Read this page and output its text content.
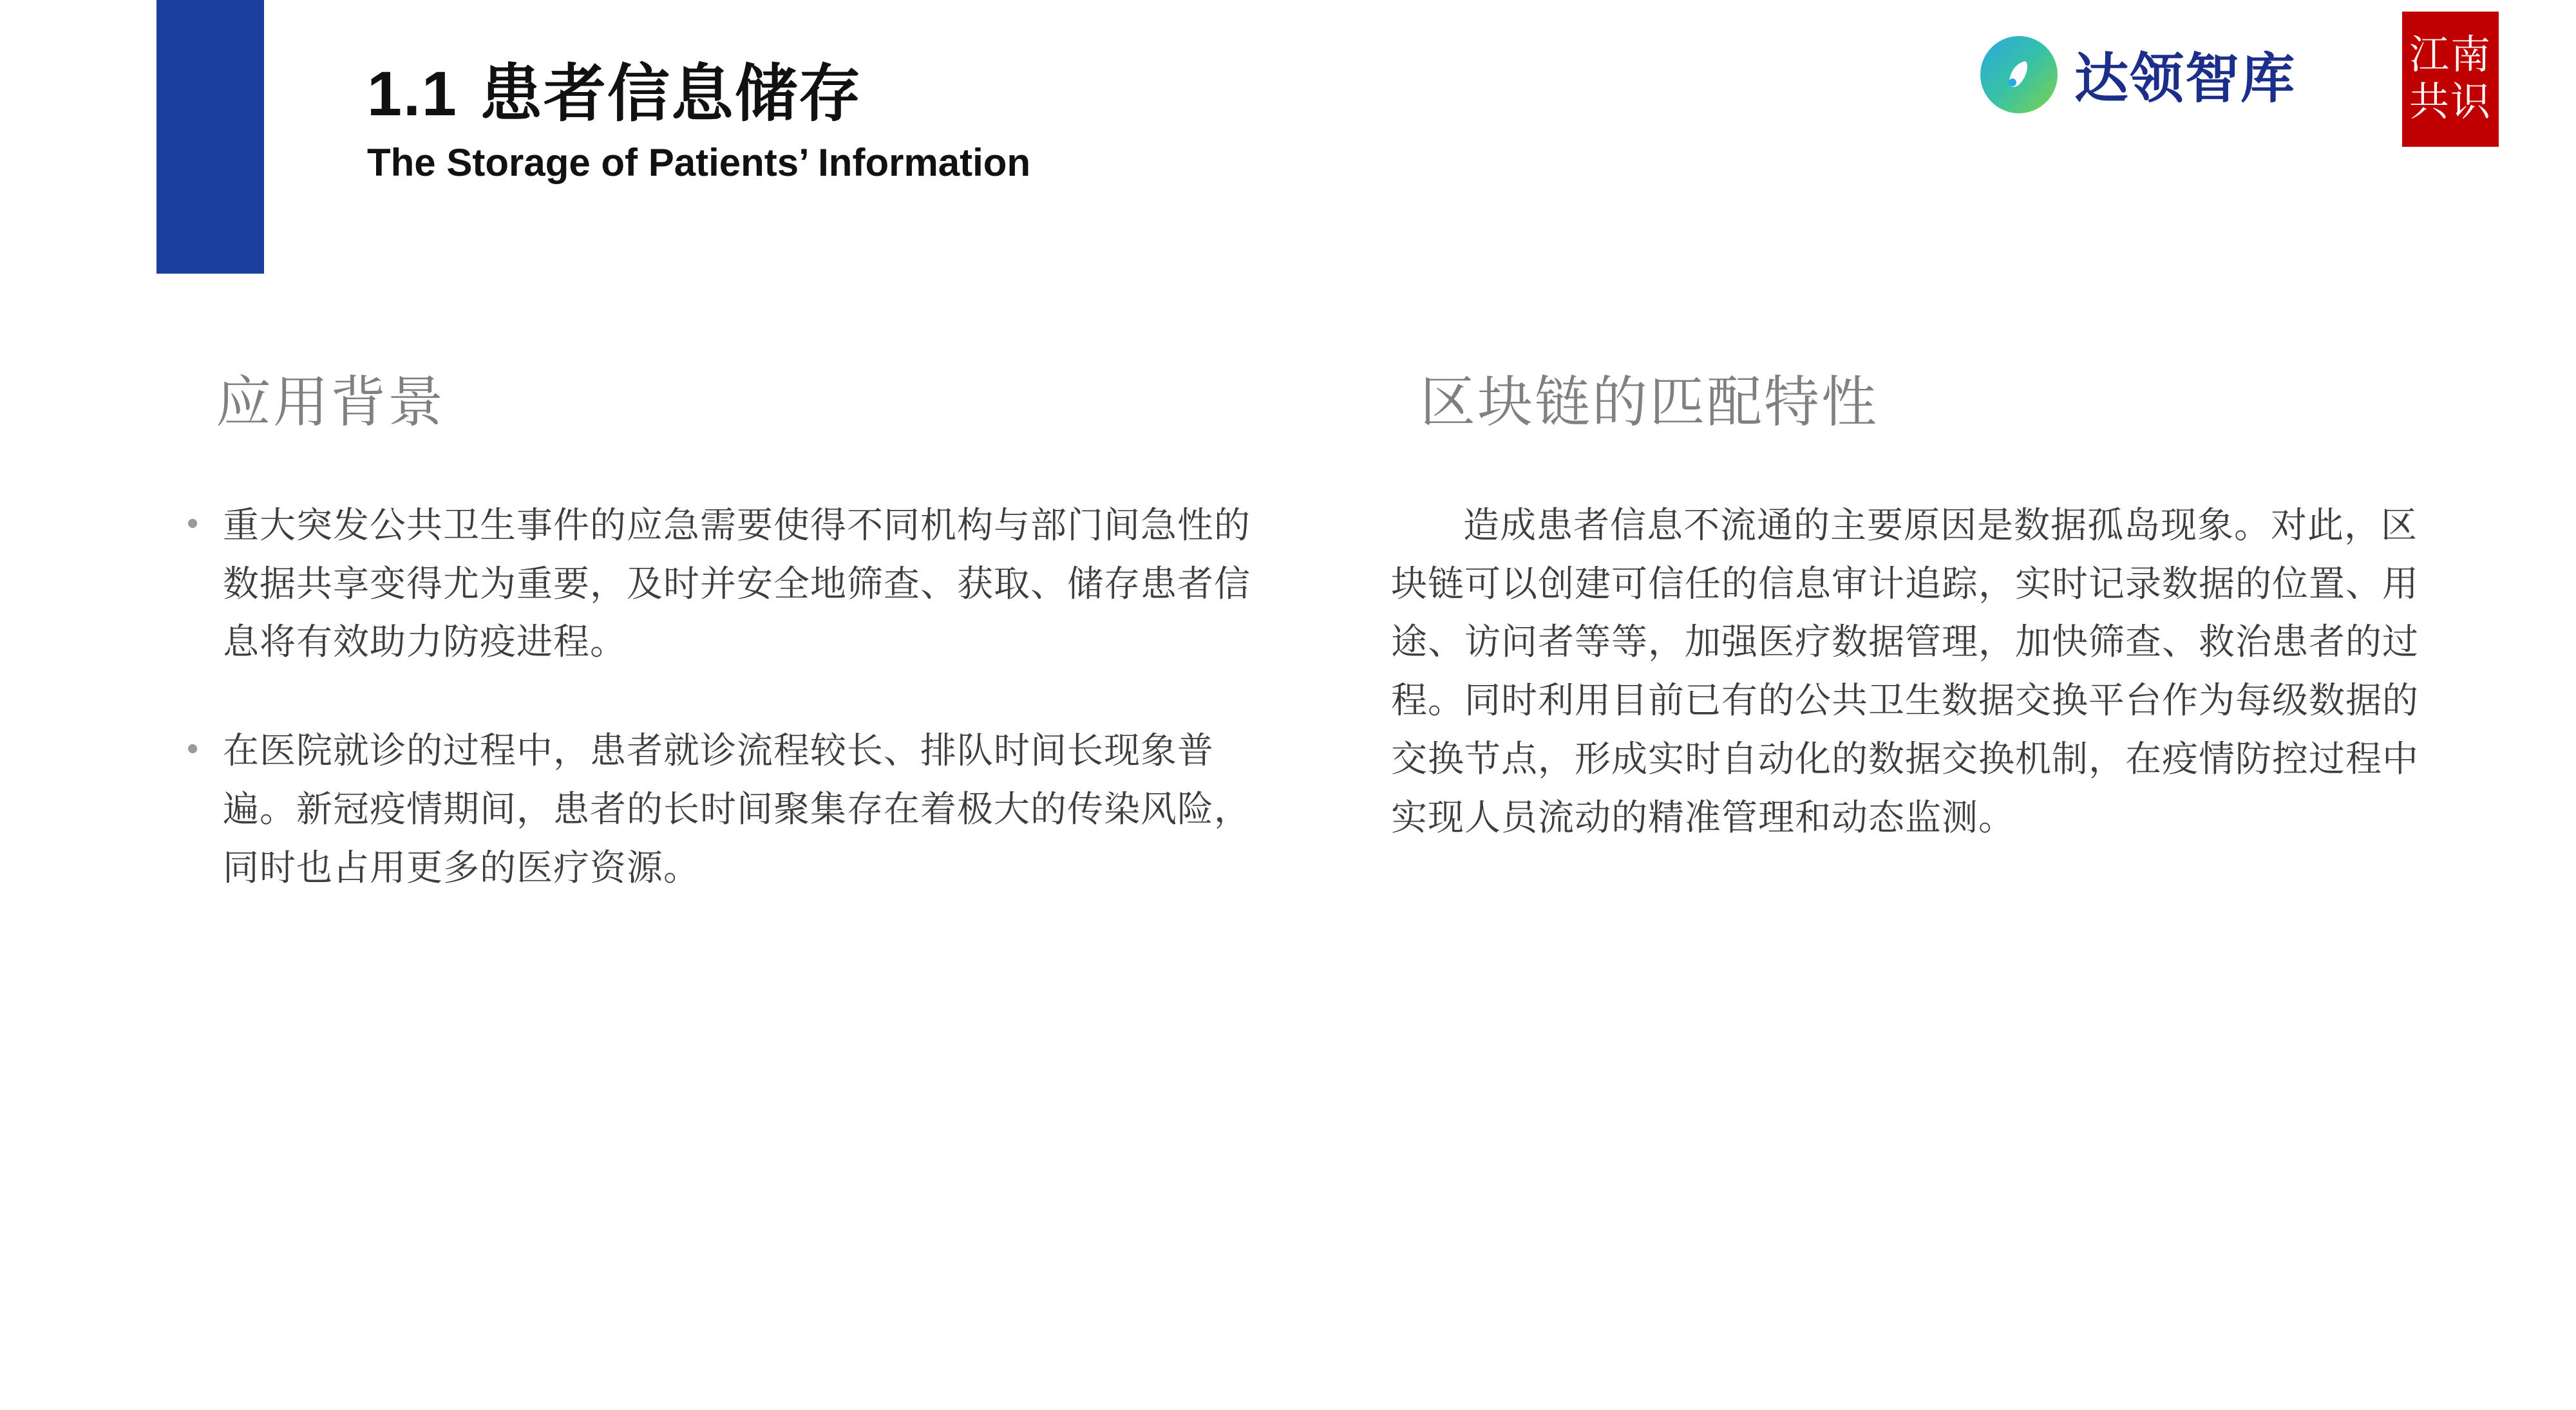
1.1 患者信息储存
The Storage of Patients’ Information
达领智库	江南
共识
应用背景
• 重大突发公共卫生事件的应急需要使得不同机构与部门间急性的数据共享变得尤为重要，及时并安全地筛查、获取、储存患者信息将有效助力防疫进程。
• 在医院就诊的过程中，患者就诊流程较长、排队时间长现象普遍。新冠疫情期间，患者的长时间聚集存在着极大的传染风险，同时也占用更多的医疗资源。
区块链的匹配特性

造成患者信息不流通的主要原因是数据孤岛现象。对此，区块链可以创建可信任的信息审计追踪，实时记录数据的位置、用途、访问者等等，加强医疗数据管理，加快筛查、救治患者的过程。同时利用目前已有的公共卫生数据交换平台作为每级数据的交换节点，形成实时自动化的数据交换机制，在疫情防控过程中实现人员流动的精准管理和动态监测。
